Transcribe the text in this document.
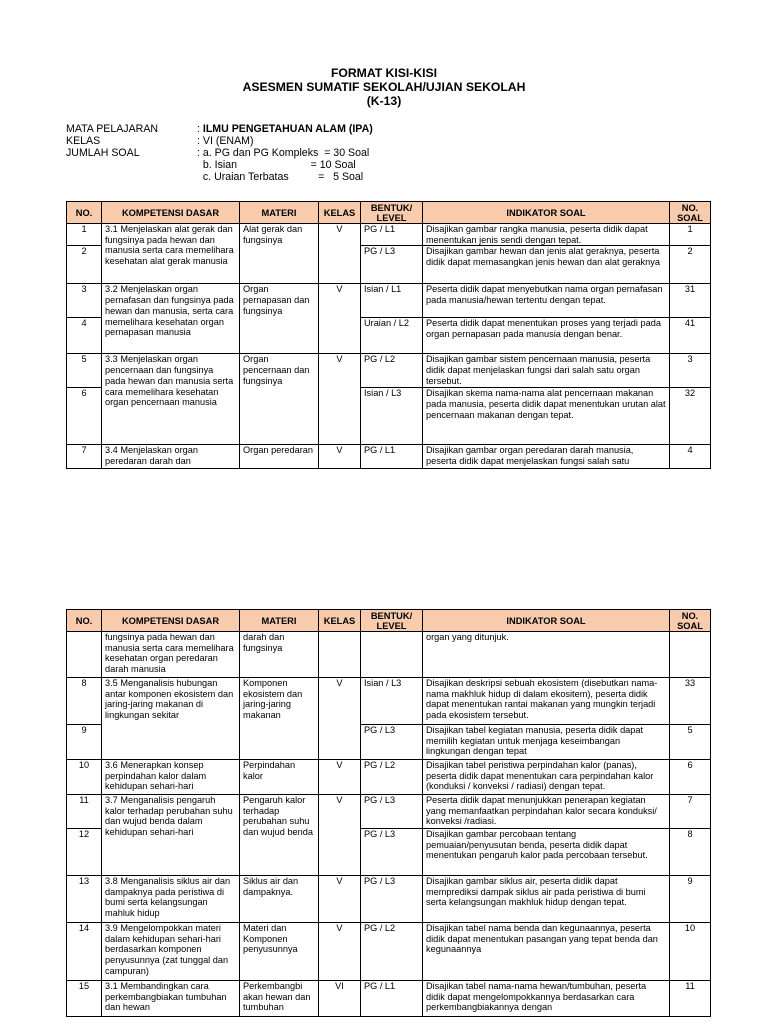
FORMAT KISI-KISI
ASESMEN SUMATIF SEKOLAH/UJIAN SEKOLAH
(K-13)
MATA PELAJARAN	: ILMU PENGETAHUAN ALAM (IPA)
KELAS	: VI (ENAM)
JUMLAH SOAL	: a. PG dan PG Kompleks  = 30 Soal
b. Isian                         = 10 Soal
c. Uraian Terbatas          =   5 Soal
NO.	KOMPETENSI DASAR	MATERI	KELAS	BENTUK/ LEVEL	INDIKATOR SOAL	NO. SOAL
1	3.1 Menjelaskan alat gerak dan fungsinya pada hewan dan manusia serta cara memelihara kesehatan alat gerak manusia	Alat gerak dan fungsinya	V	PG / L1	Disajikan gambar rangka manusia, peserta didik dapat menentukan jenis sendi dengan tepat.	1
2				PG / L3	Disajikan gambar hewan dan jenis alat geraknya, peserta didik dapat memasangkan jenis hewan dan alat geraknya	2
3	3.2 Menjelaskan organ pernafasan dan fungsinya pada hewan dan manusia, serta cara memelihara kesehatan organ pernapasan manusia	Organ pernapasan dan fungsinya	V	Isian / L1	Peserta didik dapat menyebutkan nama organ pernafasan pada manusia/hewan tertentu dengan tepat.	31
4				Uraian / L2	Peserta didik dapat menentukan proses yang terjadi pada organ pernapasan pada manusia dengan benar.	41
5	3.3 Menjelaskan organ pencernaan dan fungsinya pada hewan dan manusia serta cara memelihara kesehatan organ pencernaan manusia	Organ pencernaan dan fungsinya	V	PG / L2	Disajikan gambar sistem pencernaan manusia, peserta didik dapat menjelaskan fungsi dari salah satu organ tersebut.	3
6				Isian / L3	Disajikan skema nama-nama alat pencernaan makanan pada manusia, peserta didik dapat menentukan urutan alat pencernaan makanan dengan tepat.	32
7	3.4 Menjelaskan organ peredaran darah dan	Organ peredaran	V	PG / L1	Disajikan gambar organ peredaran darah manusia, peserta didik dapat menjelaskan fungsi salah satu	4
NO.	KOMPETENSI DASAR	MATERI	KELAS	BENTUK/ LEVEL	INDIKATOR SOAL	NO. SOAL
	fungsinya pada hewan dan manusia serta cara memelihara kesehatan organ peredaran darah manusia	darah dan fungsinya			organ yang ditunjuk.	
8	3.5 Menganalisis hubungan antar komponen ekosistem dan jaring-jaring makanan di lingkungan sekitar	Komponen ekosistem dan jaring-jaring makanan	V	Isian / L3	Disajikan deskripsi sebuah ekosistem (disebutkan nama-nama makhluk hidup di dalam ekositem), peserta didik dapat menentukan rantai makanan yang mungkin terjadi pada ekosistem tersebut.	33
9				PG / L3	Disajikan tabel kegiatan manusia, peserta didik dapat memilih kegiatan untuk menjaga keseimbangan lingkungan dengan tepat	5
10	3.6 Menerapkan konsep perpindahan kalor dalam kehidupan sehari-hari	Perpindahan kalor	V	PG / L2	Disajikan tabel peristiwa perpindahan kalor (panas), peserta didik dapat menentukan cara perpindahan kalor (konduksi / konveksi / radiasi) dengan tepat.	6
11	3.7 Menganalisis pengaruh kalor terhadap perubahan suhu dan wujud benda dalam kehidupan sehari-hari	Pengaruh kalor terhadap perubahan suhu dan wujud benda	V	PG / L3	Peserta didik dapat menunjukkan penerapan kegiatan yang memanfaatkan perpindahan kalor secara konduksi/ konveksi /radiasi.	7
12				PG / L3	Disajikan gambar percobaan tentang pemuaian/penyusutan benda, peserta didik dapat menentukan pengaruh kalor pada percobaan tersebut.	8
13	3.8 Menganalisis siklus air dan dampaknya pada peristiwa di bumi serta kelangsungan mahluk hidup	Siklus air dan dampaknya.	V	PG / L3	Disajikan gambar siklus air, peserta didik dapat memprediksi dampak siklus air pada peristiwa di bumi serta kelangsungan makhluk hidup dengan tepat.	9
14	3.9 Mengelompokkan materi dalam kehidupan sehari-hari berdasarkan komponen penyusunnya (zat tunggal dan campuran)	Materi dan Komponen penyusunnya	V	PG / L2	Disajikan tabel nama benda dan kegunaannya, peserta didik dapat menentukan pasangan yang tepat benda dan kegunaannya	10
15	3.1 Membandingkan cara perkembangbiakan tumbuhan dan hewan	Perkembangbi akan hewan dan tumbuhan	VI	PG / L1	Disajikan tabel nama-nama hewan/tumbuhan, peserta didik dapat mengelompokkannya berdasarkan cara perkembangbiakannya dengan	11
